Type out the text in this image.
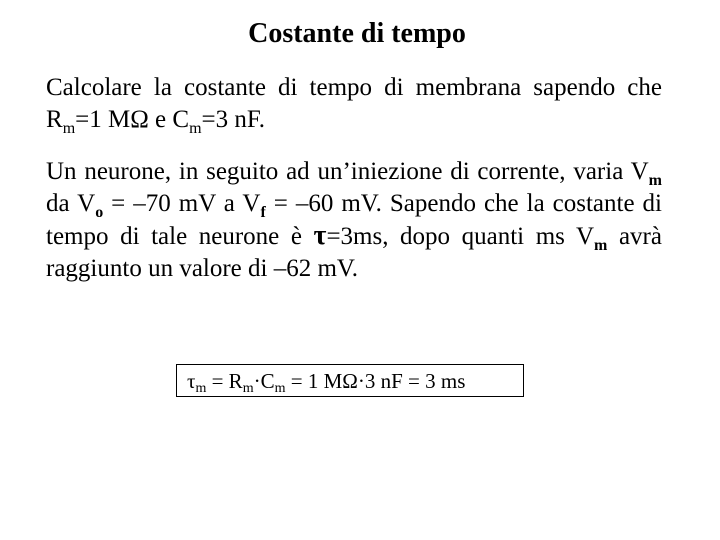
Costante di tempo
Calcolare la costante di tempo di membrana sapendo che $R_m=1$ MΩ e $C_m=3$ nF.
Un neurone, in seguito ad un’iniezione di corrente, varia $V_m$ da $V_o = -70$ mV a $V_f = -60$ mV. Sapendo che la costante di tempo di tale neurone è τ=3ms, dopo quanti ms $V_m$ avrà raggiunto un valore di –62 mV.
$\tau_m = R_m\cdot C_m = 1$ MΩ·3 nF = 3 ms
